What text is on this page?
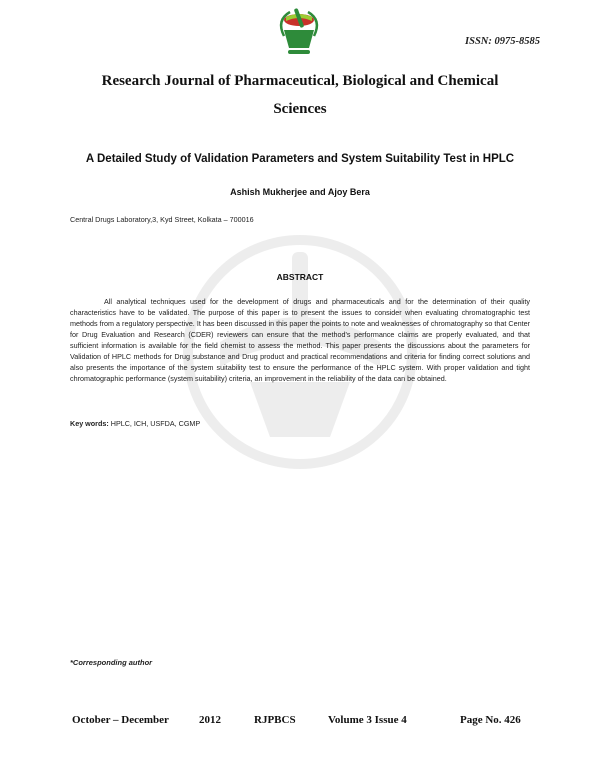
ISSN: 0975-8585
Research Journal of Pharmaceutical, Biological and Chemical
Sciences
A Detailed Study of Validation Parameters and System Suitability Test in HPLC
Ashish Mukherjee and Ajoy Bera
Central Drugs Laboratory,3, Kyd Street, Kolkata – 700016
ABSTRACT

All analytical techniques used for the development of drugs and pharmaceuticals and for the determination of their quality characteristics have to be validated. The purpose of this paper is to present the issues to consider when evaluating chromatographic test methods from a regulatory perspective. It has been discussed in this paper the points to note and weaknesses of chromatography so that Center for Drug Evaluation and Research (CDER) reviewers can ensure that the method's performance claims are properly evaluated, and that sufficient information is available for the field chemist to assess the method. This paper presents the discussions about the parameters for Validation of HPLC methods for Drug substance and Drug product and practical recommendations and criteria for finding correct solutions and also presents the importance of the system suitability test to ensure the performance of the HPLC system. With proper validation and tight chromatographic performance (system suitability) criteria, an improvement in the reliability of the data can be obtained.

Key words: HPLC, ICH, USFDA, CGMP
*Corresponding author
October – December	2012	RJPBCS	Volume 3 Issue 4	Page No. 426
